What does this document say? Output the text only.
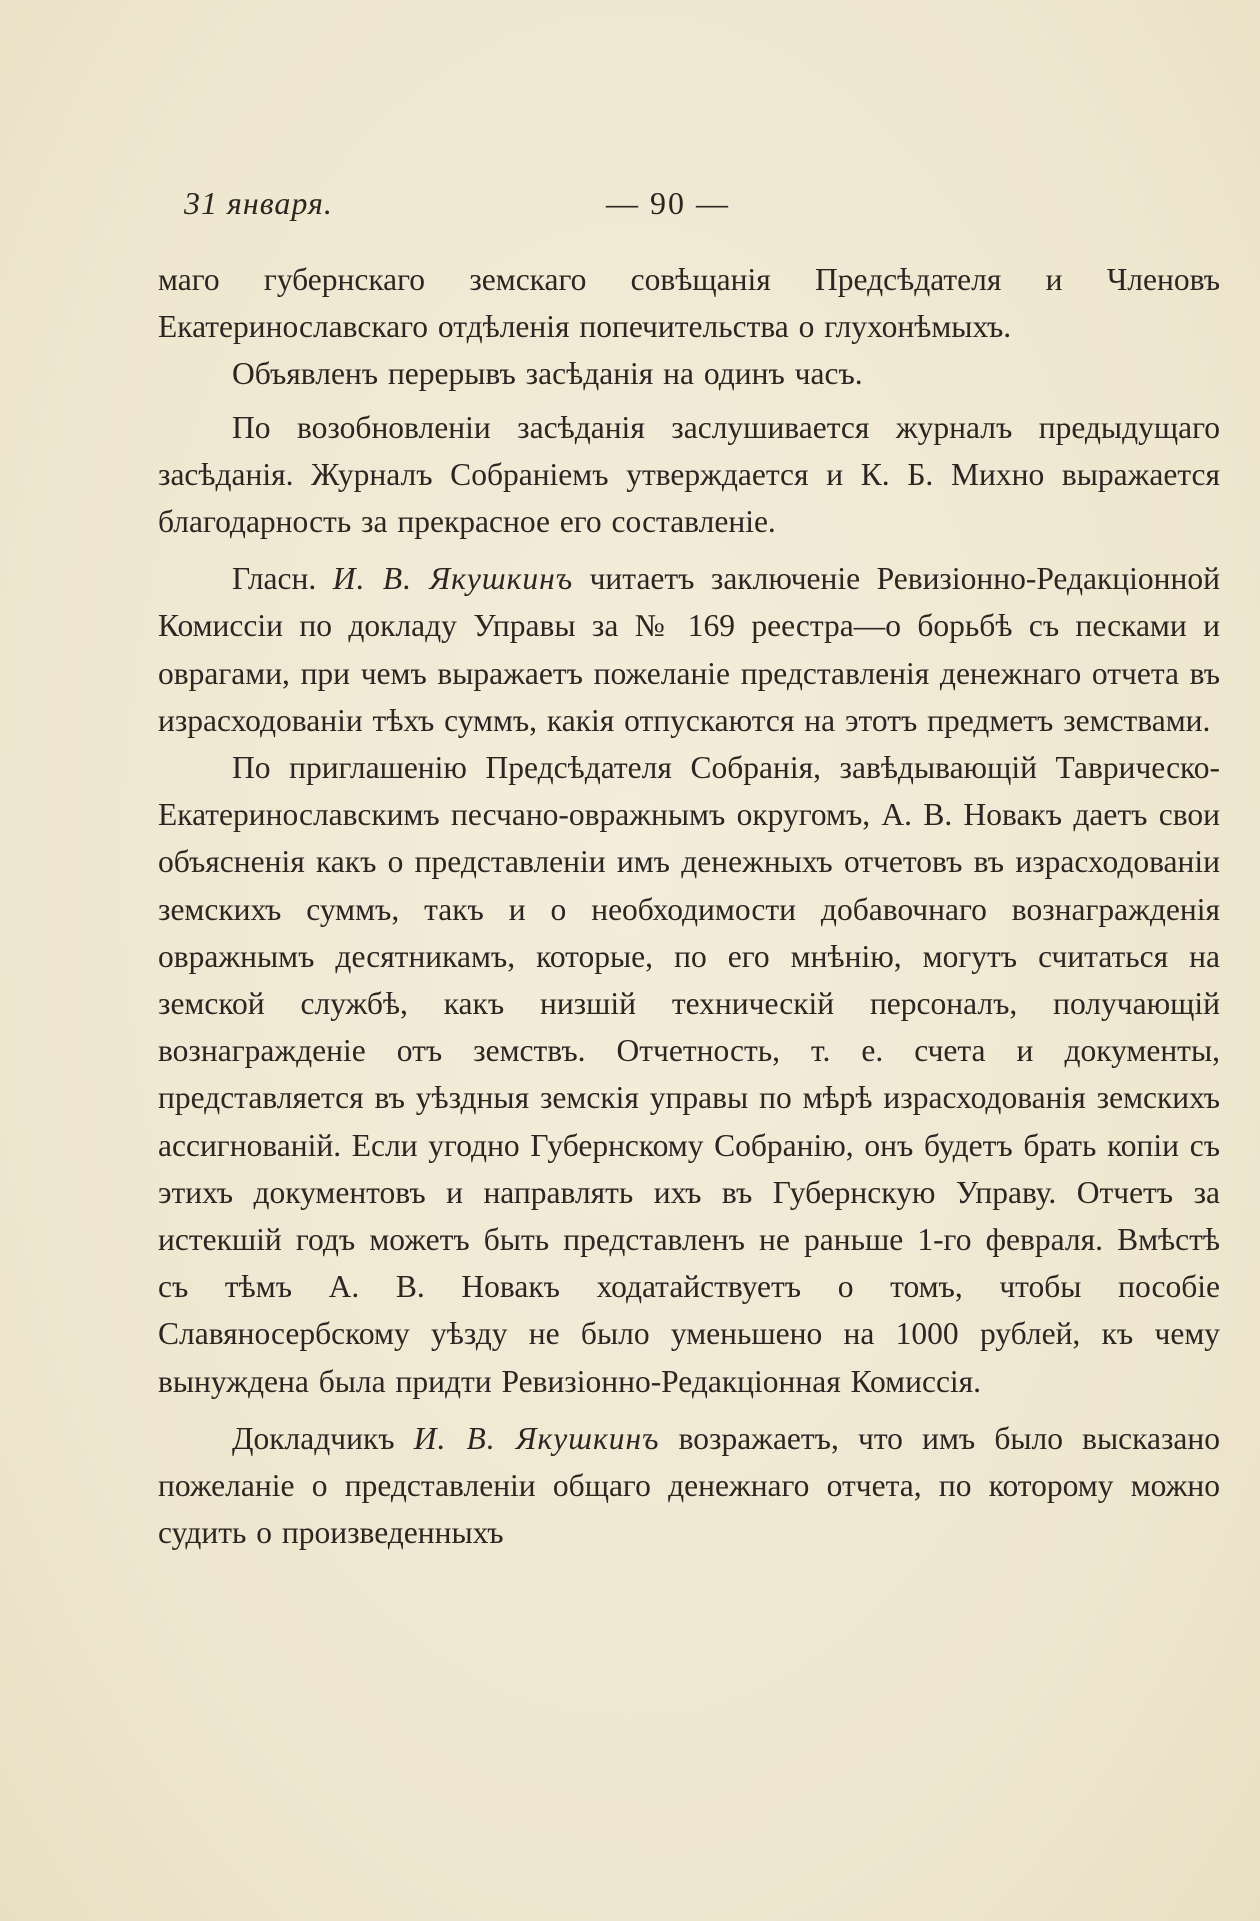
31 января.	— 90 —

маго губернскаго земскаго совѣщанія Предсѣдателя и Членовъ Екатеринославскаго отдѣленія попечительства о глухонѣмыхъ.

Объявленъ перерывъ засѣданія на одинъ часъ.

По возобновленіи засѣданія заслушивается журналъ предыдущаго засѣданія. Журналъ Собраніемъ утверждается и К. Б. Михно выражается благодарность за прекрасное его составленіе.

Гласн. И. В. Якушкинъ читаетъ заключеніе Ревизіонно-Редакціонной Комиссіи по докладу Управы за № 169 реестра—о борьбѣ съ песками и оврагами, при чемъ выражаетъ пожеланіе представленія денежнаго отчета въ израсходованіи тѣхъ суммъ, какія отпускаются на этотъ предметъ земствами.

По приглашенію Предсѣдателя Собранія, завѣдывающій Таврическо-Екатеринославскимъ песчано-овражнымъ округомъ, А. В. Новакъ даетъ свои объясненія какъ о представленіи имъ денежныхъ отчетовъ въ израсходованіи земскихъ суммъ, такъ и о необходимости добавочнаго вознагражденія овражнымъ десятникамъ, которые, по его мнѣнію, могутъ считаться на земской службѣ, какъ низшій техническій персоналъ, получающій вознагражденіе отъ земствъ. Отчетность, т. е. счета и документы, представляется въ уѣздныя земскія управы по мѣрѣ израсходованія земскихъ ассигнованій. Если угодно Губернскому Собранію, онъ будетъ брать копіи съ этихъ документовъ и направлять ихъ въ Губернскую Управу. Отчетъ за истекшій годъ можетъ быть представленъ не раньше 1-го февраля. Вмѣстѣ съ тѣмъ А. В. Новакъ ходатайствуетъ о томъ, чтобы пособіе Славяносербскому уѣзду не было уменьшено на 1000 рублей, къ чему вынуждена была придти Ревизіонно-Редакціонная Комиссія.

Докладчикъ И. В. Якушкинъ возражаетъ, что имъ было высказано пожеланіе о представленіи общаго денежнаго отчета, по которому можно судить о произведенныхъ
